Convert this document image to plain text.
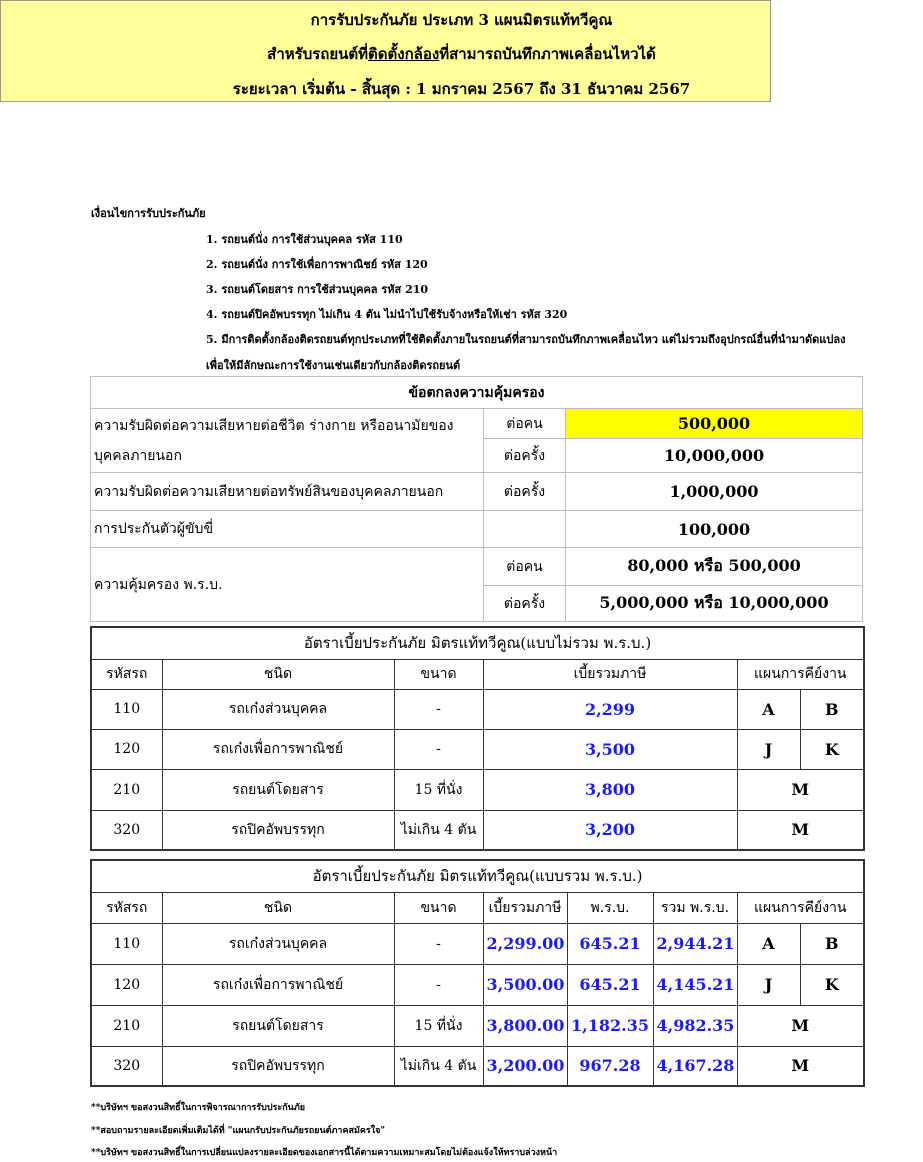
การรับประกันภัย ประเภท 3 แผนมิตรแท้ทวีคูณ
สำหรับรถยนต์ที่ติดตั้งกล้องที่สามารถบันทึกภาพเคลื่อนไหวได้
ระยะเวลา เริ่มต้น - สิ้นสุด : 1 มกราคม 2567 ถึง 31 ธันวาคม 2567
เงื่อนไขการรับประกันภัย
1. รถยนต์นั่ง การใช้ส่วนบุคคล รหัส 110
2. รถยนต์นั่ง การใช้เพื่อการพาณิชย์ รหัส 120
3. รถยนต์โดยสาร การใช้ส่วนบุคคล รหัส 210
4. รถยนต์ปิคอัพบรรทุก ไม่เกิน 4 ตัน ไม่นำไปใช้รับจ้างหรือให้เช่า รหัส 320
5. มีการติดตั้งกล้องติดรถยนต์ทุกประเภทที่ใช้ติดตั้งภายในรถยนต์ที่สามารถบันทึกภาพเคลื่อนไหว แต่ไม่รวมถึงอุปกรณ์อื่นที่นำมาดัดแปลง
เพื่อให้มีลักษณะการใช้งานเช่นเดียวกับกล้องติดรถยนต์
ข้อตกลงความคุ้มครอง		
ความรับผิดต่อความเสียหายต่อชีวิต ร่างกาย หรืออนามัยของ
บุคคลภายนอก	ต่อคน	500,000
	ต่อครั้ง	10,000,000
ความรับผิดต่อความเสียหายต่อทรัพย์สินของบุคคลภายนอก	ต่อครั้ง	1,000,000
การประกันตัวผู้ขับขี่		100,000
ความคุ้มครอง พ.ร.บ.	ต่อคน	80,000 หรือ 500,000
	ต่อครั้ง	5,000,000 หรือ 10,000,000
อัตราเบี้ยประกันภัย มิตรแท้ทวีคูณ(แบบไม่รวม พ.ร.บ.)					
รหัสรถ	ชนิด	ขนาด	เบี้ยรวมภาษี	แผนการคีย์งาน	
110	รถเก๋งส่วนบุคคล	-	2,299	A	B
120	รถเก๋งเพื่อการพาณิชย์	-	3,500	J	K
210	รถยนต์โดยสาร	15 ที่นั่ง	3,800	M	
320	รถปิคอัพบรรทุก	ไม่เกิน 4 ตัน	3,200	M	
อัตราเบี้ยประกันภัย มิตรแท้ทวีคูณ(แบบรวม พ.ร.บ.)							
รหัสรถ	ชนิด	ขนาด	เบี้ยรวมภาษี	พ.ร.บ.	รวม พ.ร.บ.	แผนการคีย์งาน	
110	รถเก๋งส่วนบุคคล	-	2,299.00	645.21	2,944.21	A	B
120	รถเก๋งเพื่อการพาณิชย์	-	3,500.00	645.21	4,145.21	J	K
210	รถยนต์โดยสาร	15 ที่นั่ง	3,800.00	1,182.35	4,982.35	M	
320	รถปิคอัพบรรทุก	ไม่เกิน 4 ตัน	3,200.00	967.28	4,167.28	M	
**บริษัทฯ ขอสงวนสิทธิ์ในการพิจารณาการรับประกันภัย
**สอบถามรายละเอียดเพิ่มเติมได้ที่ "แผนกรับประกันภัยรถยนต์ภาคสมัครใจ"
**บริษัทฯ ขอสงวนสิทธิ์ในการเปลี่ยนแปลงรายละเอียดของเอกสารนี้ได้ตามความเหมาะสมโดยไม่ต้องแจ้งให้ทราบล่วงหน้า
